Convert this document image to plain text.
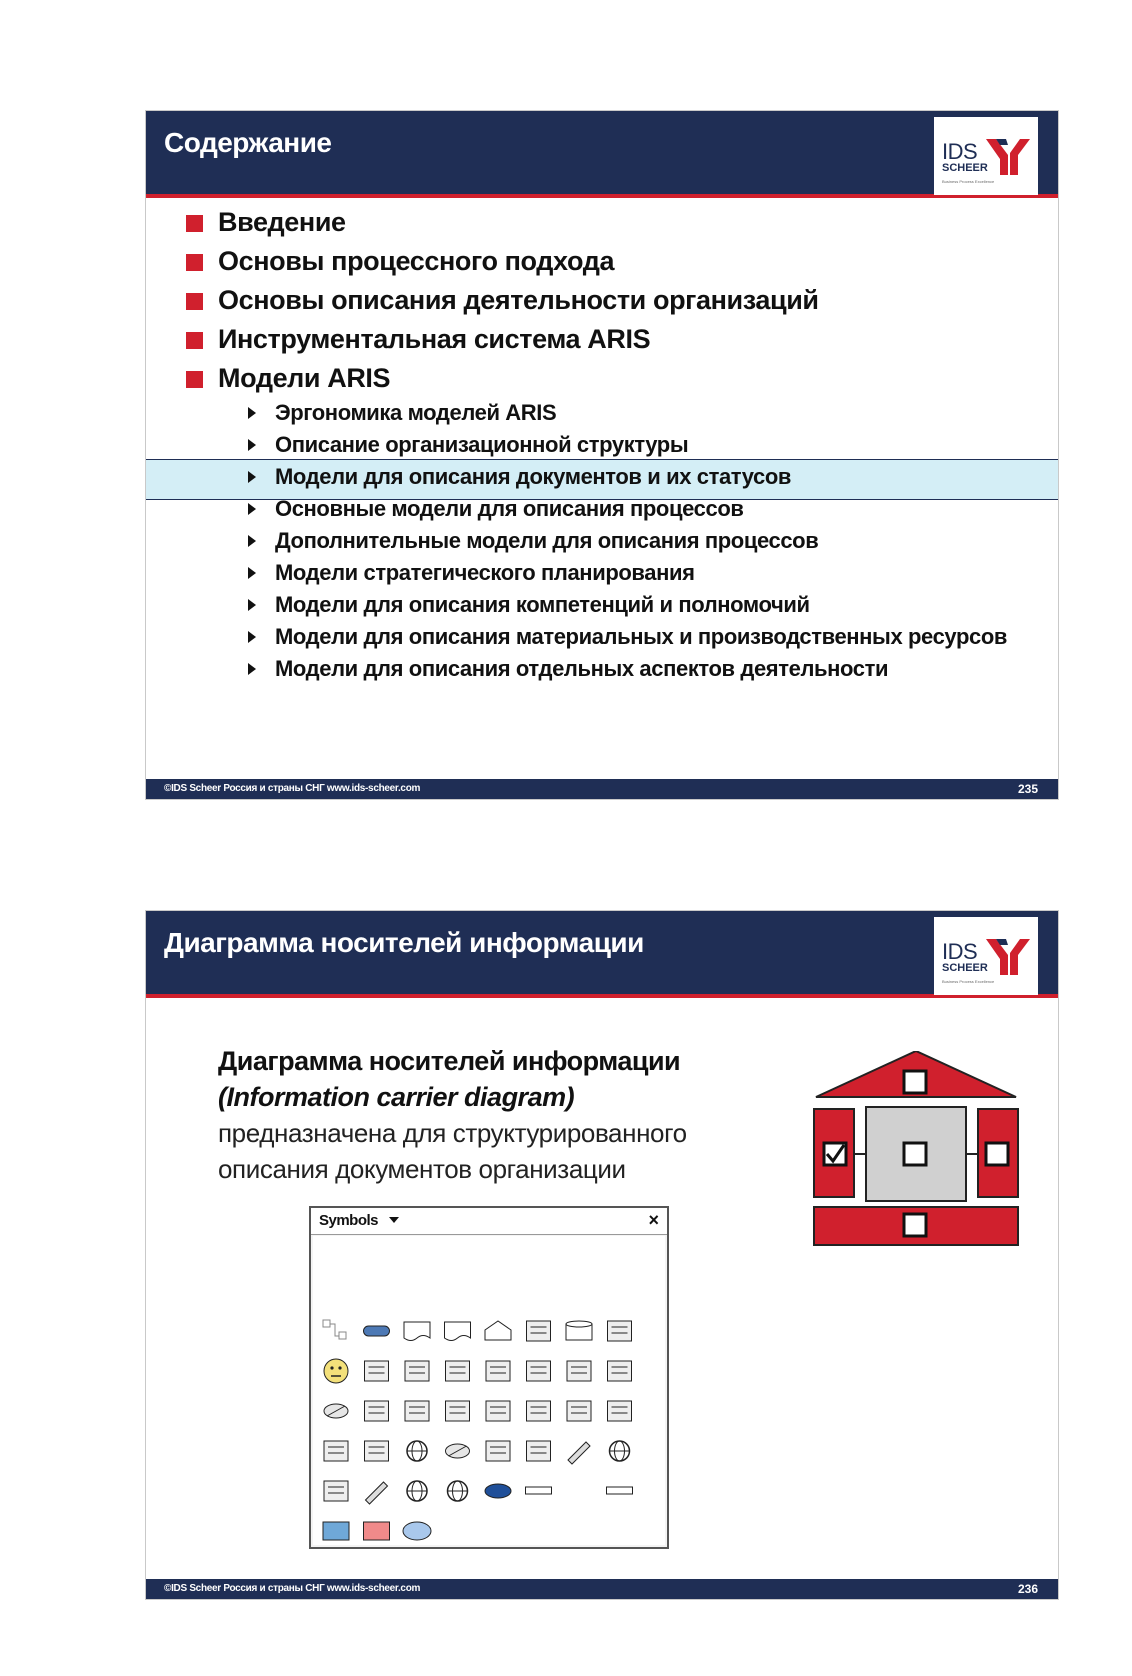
Содержание	IDS
SCHEER
Business Process Excellence
Введение
Основы процессного подхода
Основы описания деятельности организаций
Инструментальная система ARIS
Модели ARIS
Эргономика моделей ARIS
Описание организационной структуры
Модели для описания документов и их статусов
Основные модели для описания процессов
Дополнительные модели для описания процессов
Модели стратегического планирования
Модели для описания компетенций и полномочий
Модели для описания материальных и производственных ресурсов
Модели для описания отдельных аспектов деятельности
©IDS Scheer Россия и страны СНГ www.ids-scheer.com	235
Диаграмма носителей информации	IDS
SCHEER
Business Process Excellence
Диаграмма носителей информации
(Information carrier diagram)
предназначена для структурированного
описания документов организации
Symbols	×
©IDS Scheer Россия и страны СНГ www.ids-scheer.com	236
